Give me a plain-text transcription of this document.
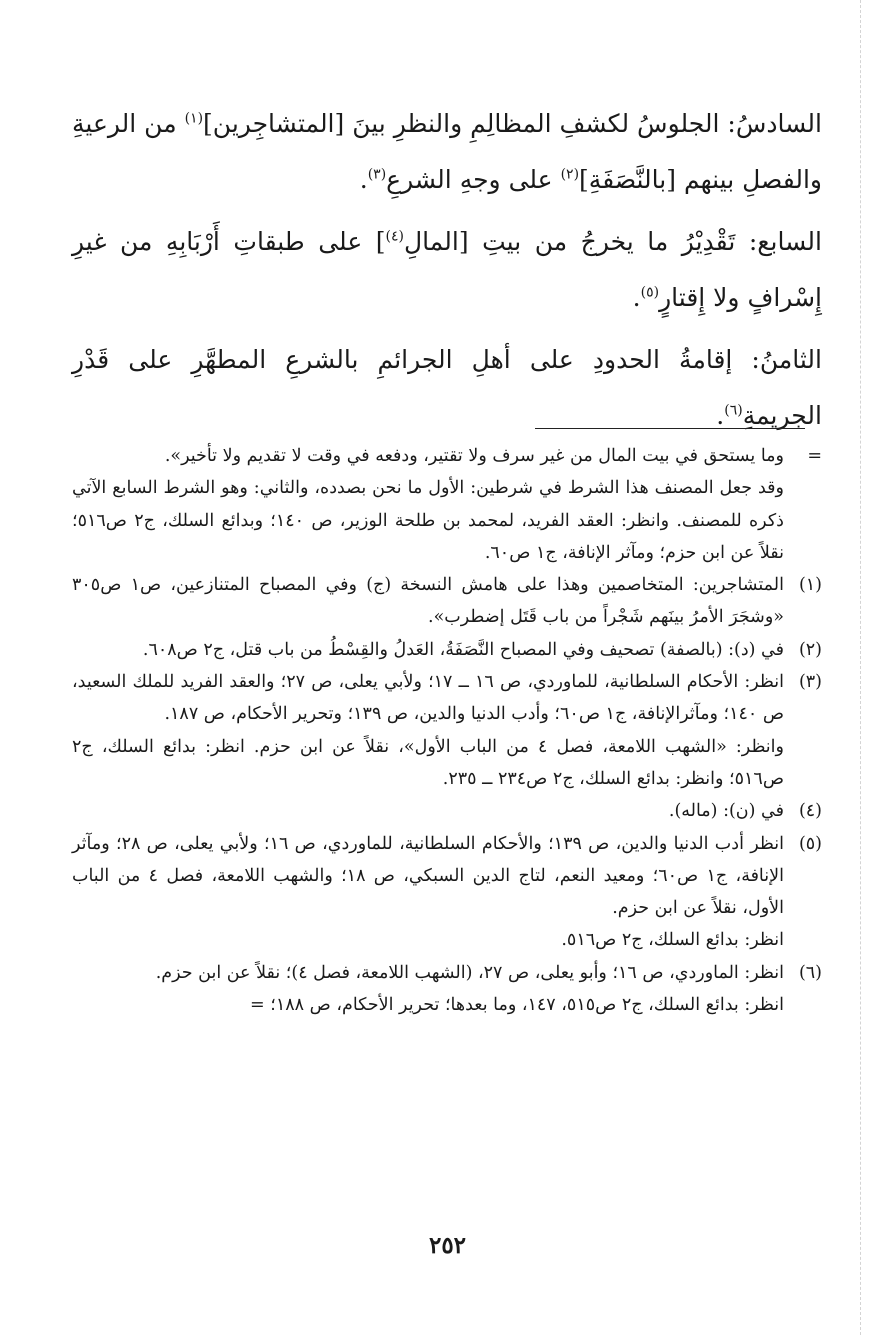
السادسُ: الجلوسُ لكشفِ المظالِمِ والنظرِ بينَ [المتشاجِرين]$^{(١)}$ من الرعيةِ والفصلِ بينهم [بالنَّصَفَةِ]$^{(٢)}$ على وجهِ الشرعِ$^{(٣)}$.

السابع: تَقْدِيْرُ ما يخرجُ من بيتِ [المالِ$^{(٤)}$] على طبقاتِ أَرْبَابِهِ من غيرِ إِسْرافٍ ولا إِقتارٍ$^{(٥)}$.

الثامنُ: إقامةُ الحدودِ على أهلِ الجرائمِ بالشرعِ المطهَّرِ على قَدْرِ الجريمةِ$^{(٦)}$.

=

وما يستحق في بيت المال من غير سرف ولا تقتير، ودفعه في وقت لا تقديم ولا تأخير».

وقد جعل المصنف هذا الشرط في شرطين: الأول ما نحن بصدده، والثاني: وهو الشرط السابع الآتي ذكره للمصنف. وانظر: العقد الفريد، لمحمد بن طلحة الوزير، ص ١٤٠؛ وبدائع السلك، ج٢ ص٥١٦؛ نقلاً عن ابن حزم؛ ومآثر الإنافة، ج١ ص٦٠.

(١)

المتشاجرين: المتخاصمين وهذا على هامش النسخة (ج) وفي المصباح المتنازعين، ص١ ص٣٠٥ «وشجَرَ الأمرُ بينَهم شَجْراً من باب قَتَل إضطرب».

(٢)

في (د): (بالصفة) تصحيف وفي المصباح النَّصَفَةُ، العَدلُ والقِسْطُ من باب قتل، ج٢ ص٦٠٨.

(٣)

انظر: الأحكام السلطانية، للماوردي، ص ١٦ ــ ١٧؛ ولأبي يعلى، ص ٢٧؛ والعقد الفريد للملك السعيد، ص ١٤٠؛ ومآثرالإنافة، ج١ ص٦٠؛ وأدب الدنيا والدين، ص ١٣٩؛ وتحرير الأحكام، ص ١٨٧.

وانظر: «الشهب اللامعة، فصل ٤ من الباب الأول»، نقلاً عن ابن حزم. انظر: بدائع السلك، ج٢ ص٥١٦؛ وانظر: بدائع السلك، ج٢ ص٢٣٤ ــ ٢٣٥.

(٤)

في (ن): (ماله).

(٥)

انظر أدب الدنيا والدين، ص ١٣٩؛ والأحكام السلطانية، للماوردي، ص ١٦؛ ولأبي يعلى، ص ٢٨؛ ومآثر الإنافة، ج١ ص٦٠؛ ومعيد النعم، لتاج الدين السبكي، ص ١٨؛ والشهب اللامعة، فصل ٤ من الباب الأول، نقلاً عن ابن حزم.

انظر: بدائع السلك، ج٢ ص٥١٦.

(٦)

انظر: الماوردي، ص ١٦؛ وأبو يعلى، ص ٢٧، (الشهب اللامعة، فصل ٤)؛ نقلاً عن ابن حزم.

انظر: بدائع السلك، ج٢ ص٥١٥، ١٤٧، وما بعدها؛ تحرير الأحكام، ص ١٨٨؛ =

٢٥٢
